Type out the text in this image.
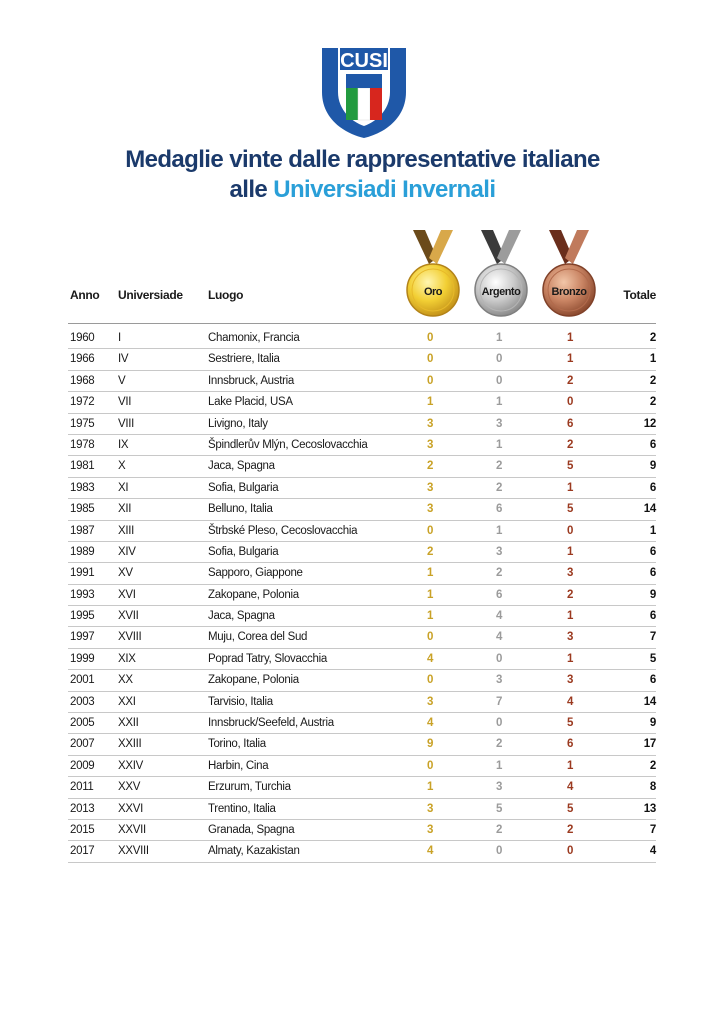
CUSI
Medaglie vinte dalle rappresentative italiane
alle Universiadi Invernali
Oro	Argento	Bronzo
Anno Universiade Luogo	Totale
1960 I	Chamonix, Francia	0	1	1	2
1966 IV	Sestriere, Italia	0	0	1	1
1968 V	Innsbruck, Austria	0	0	2	2
1972 VII	Lake Placid, USA	1	1	0	2
1975 VIII	Livigno, Italy	3	3	6	12
1978 IX	Špindlerův Mlýn, Cecoslovacchia	3	1	2	6
1981 X	Jaca, Spagna	2	2	5	9
1983 XI	Sofia, Bulgaria	3	2	1	6
1985 XII	Belluno, Italia	3	6	5	14
1987 XIII	Štrbské Pleso, Cecoslovacchia	0	1	0	1
1989 XIV	Sofia, Bulgaria	2	3	1	6
1991 XV	Sapporo, Giappone	1	2	3	6
1993 XVI	Zakopane, Polonia	1	6	2	9
1995 XVII	Jaca, Spagna	1	4	1	6
1997 XVIII	Muju, Corea del Sud	0	4	3	7
1999 XIX	Poprad Tatry, Slovacchia	4	0	1	5
2001 XX	Zakopane, Polonia	0	3	3	6
2003 XXI	Tarvisio, Italia	3	7	4	14
2005 XXII	Innsbruck/Seefeld, Austria	4	0	5	9
2007 XXIII	Torino, Italia	9	2	6	17
2009 XXIV	Harbin, Cina	0	1	1	2
2011 XXV	Erzurum, Turchia	1	3	4	8
2013 XXVI	Trentino, Italia	3	5	5	13
2015 XXVII	Granada, Spagna	3	2	2	7
2017 XXVIII	Almaty, Kazakistan	4	0	0	4
